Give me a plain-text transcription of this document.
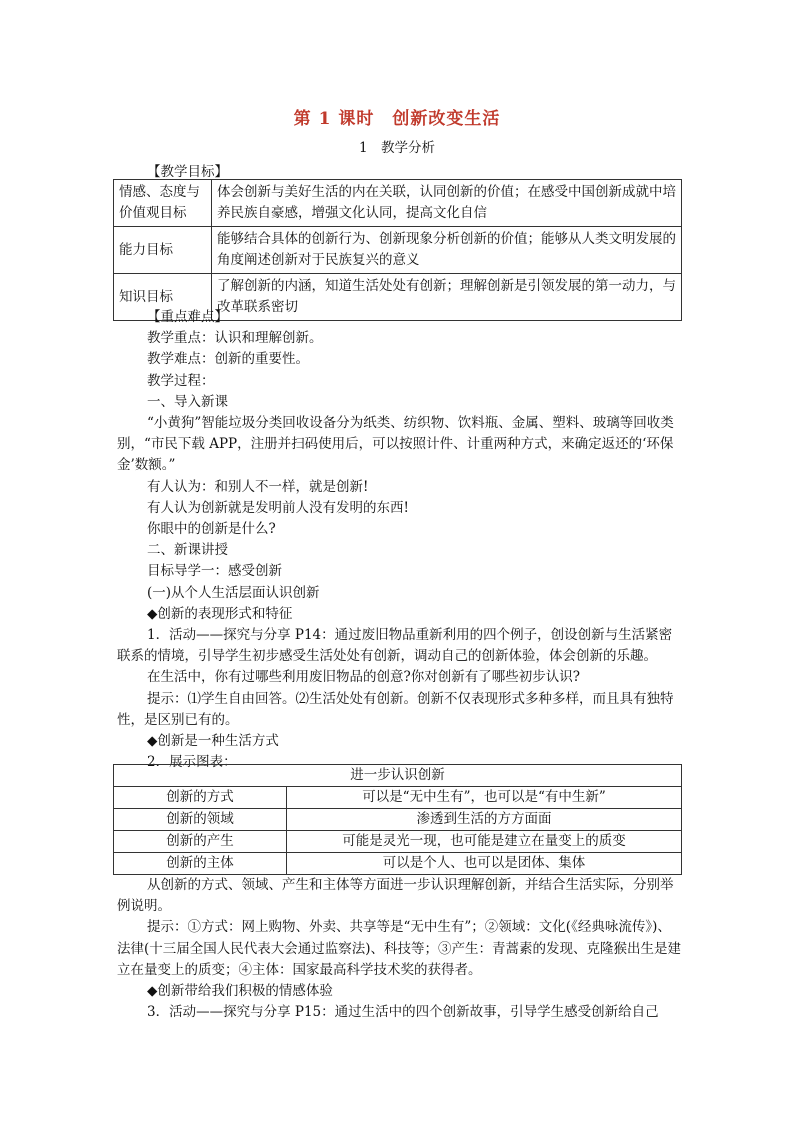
第 1 课时　创新改变生活

1　教学分析

【教学目标】

情感、态度与价值观目标	体会创新与美好生活的内在关联，认同创新的价值；在感受中国创新成就中培养民族自豪感，增强文化认同，提高文化自信
能力目标	能够结合具体的创新行为、创新现象分析创新的价值；能够从人类文明发展的角度阐述创新对于民族复兴的意义
知识目标	了解创新的内涵，知道生活处处有创新；理解创新是引领发展的第一动力，与改革联系密切

【重点难点】

教学重点：认识和理解创新。

教学难点：创新的重要性。

教学过程：

一、导入新课

“小黄狗”智能垃圾分类回收设备分为纸类、纺织物、饮料瓶、金属、塑料、玻璃等回收类别，“市民下载 APP，注册并扫码使用后，可以按照计件、计重两种方式，来确定返还的‘环保金’数额。”

有人认为：和别人不一样，就是创新!

有人认为创新就是发明前人没有发明的东西!

你眼中的创新是什么?

二、新课讲授

目标导学一：感受创新

(一)从个人生活层面认识创新

◆创新的表现形式和特征

1．活动——探究与分享 P14：通过废旧物品重新利用的四个例子，创设创新与生活紧密联系的情境，引导学生初步感受生活处处有创新，调动自己的创新体验，体会创新的乐趣。

在生活中，你有过哪些利用废旧物品的创意?你对创新有了哪些初步认识?

提示：⑴学生自由回答。⑵生活处处有创新。创新不仅表现形式多种多样，而且具有独特性，是区别已有的。

◆创新是一种生活方式

2．展示图表：

进一步认识创新	
创新的方式	可以是“无中生有”，也可以是“有中生新”
创新的领域	渗透到生活的方方面面
创新的产生	可能是灵光一现，也可能是建立在量变上的质变
创新的主体	可以是个人、也可以是团体、集体

从创新的方式、领域、产生和主体等方面进一步认识理解创新，并结合生活实际，分别举例说明。

提示：①方式：网上购物、外卖、共享等是“无中生有”；②领域：文化(《经典咏流传》)、法律(十三届全国人民代表大会通过监察法)、科技等；③产生：青蒿素的发现、克隆猴出生是建立在量变上的质变；④主体：国家最高科学技术奖的获得者。

◆创新带给我们积极的情感体验

3．活动——探究与分享 P15：通过生活中的四个创新故事，引导学生感受创新给自己
